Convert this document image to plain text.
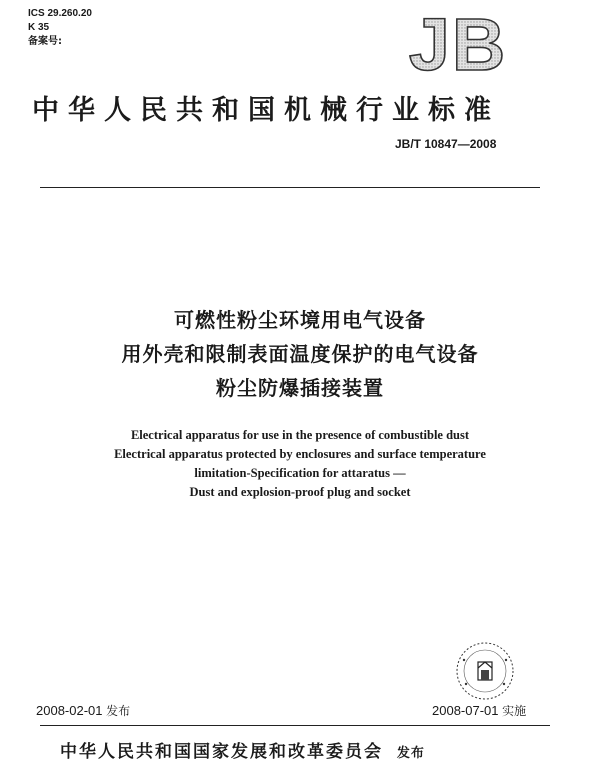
ICS 29.260.20
K 35
备案号:	JB
中华人民共和国机械行业标准
JB/T 10847—2008
可燃性粉尘环境用电气设备
用外壳和限制表面温度保护的电气设备
粉尘防爆插接装置
Electrical apparatus for use in the presence of combustible dust
Electrical apparatus protected by enclosures and surface temperature
limitation-Specification for attaratus —
Dust and explosion-proof plug and socket
2008-02-01 发布	2008-07-01 实施
中华人民共和国国家发展和改革委员会 发布
